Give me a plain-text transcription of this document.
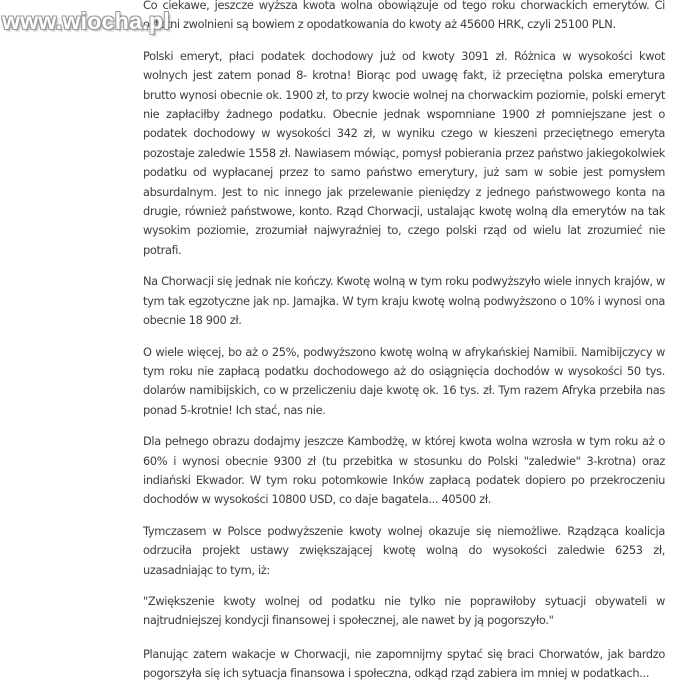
www.wiocha.pl

Co ciekawe, jeszcze wyższa kwota wolna obowiązuje od tego roku chorwackich emerytów. Ci ostatni zwolnieni są bowiem z opodatkowania do kwoty aż 45600 HRK, czyli 25100 PLN.

Polski emeryt, płaci podatek dochodowy już od kwoty 3091 zł. Różnica w wysokości kwot wolnych jest zatem ponad 8- krotna! Biorąc pod uwagę fakt, iż przeciętna polska emerytura brutto wynosi obecnie ok. 1900 zł, to przy kwocie wolnej na chorwackim poziomie, polski emeryt nie zapłaciłby żadnego podatku. Obecnie jednak wspomniane 1900 zł pomniejszane jest o podatek dochodowy w wysokości 342 zł, w wyniku czego w kieszeni przeciętnego emeryta pozostaje zaledwie 1558 zł. Nawiasem mówiąc, pomysł pobierania przez państwo jakiegokolwiek podatku od wypłacanej przez to samo państwo emerytury, już sam w sobie jest pomysłem absurdalnym. Jest to nic innego jak przelewanie pieniędzy z jednego państwowego konta na drugie, również państwowe, konto. Rząd Chorwacji, ustalając kwotę wolną dla emerytów na tak wysokim poziomie, zrozumiał najwyraźniej to, czego polski rząd od wielu lat zrozumieć nie potrafi.

Na Chorwacji się jednak nie kończy. Kwotę wolną w tym roku podwyższyło wiele innych krajów, w tym tak egzotyczne jak np. Jamajka. W tym kraju kwotę wolną podwyższono o 10% i wynosi ona obecnie 18 900 zł.

O wiele więcej, bo aż o 25%, podwyższono kwotę wolną w afrykańskiej Namibii. Namibijczycy w tym roku nie zapłacą podatku dochodowego aż do osiągnięcia dochodów w wysokości 50 tys. dolarów namibijskich, co w przeliczeniu daje kwotę ok. 16 tys. zł. Tym razem Afryka przebiła nas ponad 5-krotnie! Ich stać, nas nie.

Dla pełnego obrazu dodajmy jeszcze Kambodżę, w której kwota wolna wzrosła w tym roku aż o 60% i wynosi obecnie 9300 zł (tu przebitka w stosunku do Polski "zaledwie" 3-krotna) oraz indiański Ekwador. W tym roku potomkowie Inków zapłacą podatek dopiero po przekroczeniu dochodów w wysokości 10800 USD, co daje bagatela... 40500 zł.

Tymczasem w Polsce podwyższenie kwoty wolnej okazuje się niemożliwe. Rządząca koalicja odrzuciła projekt ustawy zwiększającej kwotę wolną do wysokości zaledwie 6253 zł, uzasadniając to tym, iż:

"Zwiększenie kwoty wolnej od podatku nie tylko nie poprawiłoby sytuacji obywateli w najtrudniejszej kondycji finansowej i społecznej, ale nawet by ją pogorszyło."

Planując zatem wakacje w Chorwacji, nie zapomnijmy spytać się braci Chorwatów, jak bardzo pogorszyła się ich sytuacja finansowa i społeczna, odkąd rząd zabiera im mniej w podatkach...
